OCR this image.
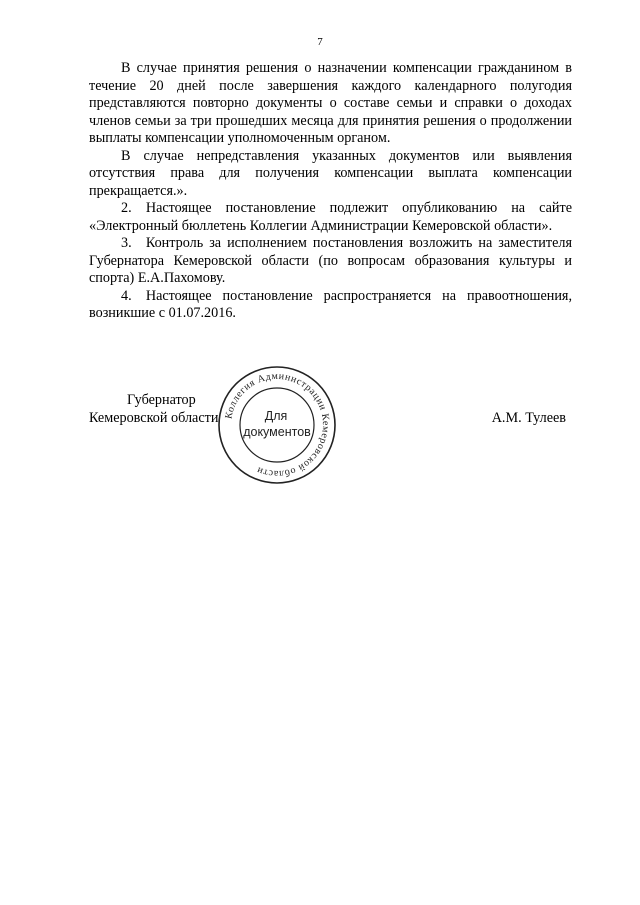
7

В случае принятия решения о назначении компенсации гражданином в течение 20 дней после завершения каждого календарного полугодия представляются повторно документы о составе семьи и справки о доходах членов семьи за три прошедших месяца для принятия решения о продолжении выплаты компенсации уполномоченным органом.

В случае непредставления указанных документов или выявления отсутствия права для получения компенсации выплата компенсации прекращается.».

2. Настоящее постановление подлежит опубликованию на сайте «Электронный бюллетень Коллегии Администрации Кемеровской области».

3. Контроль за исполнением постановления возложить на заместителя Губернатора Кемеровской области (по вопросам образования культуры и спорта) Е.А.Пахомову.

4. Настоящее постановление распространяется на правоотношения, возникшие с 01.07.2016.

Губернатор
Кемеровской области	А.М. Тулеев
Коллегия Администрации Кемеровской области
Для
документов
